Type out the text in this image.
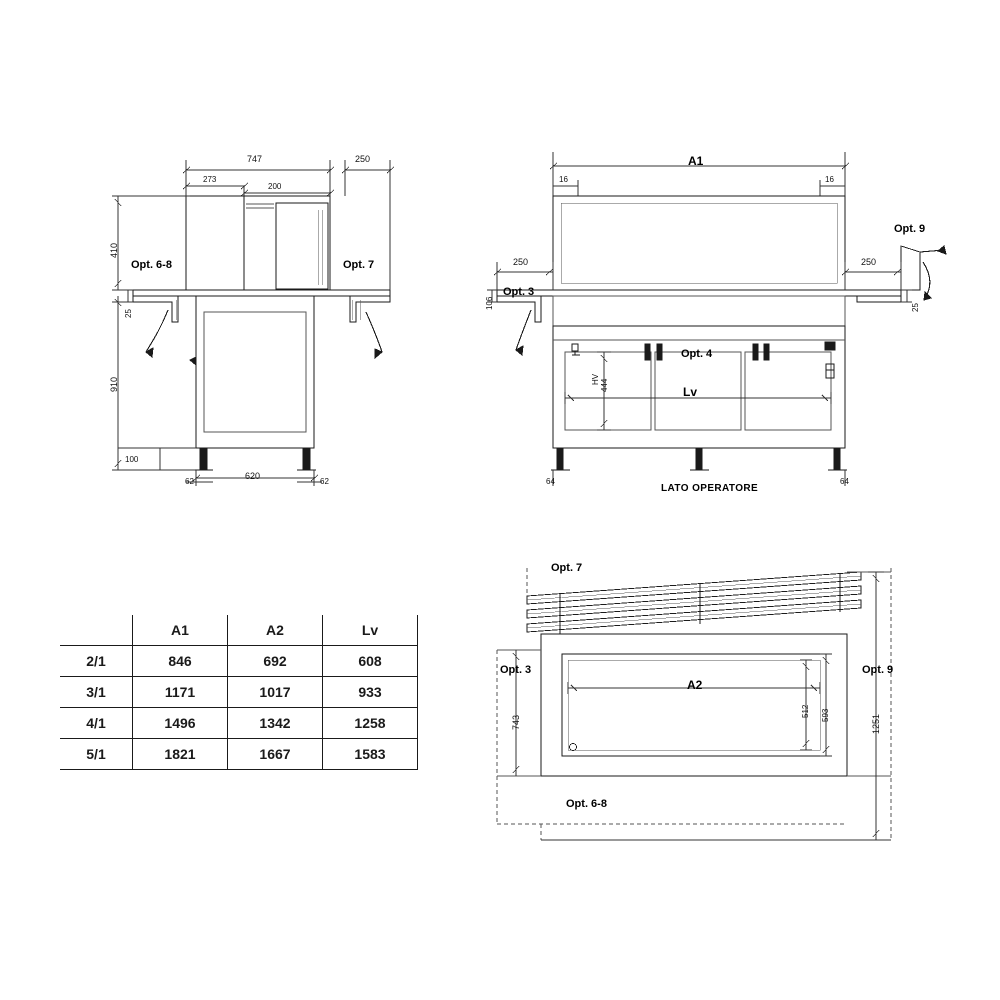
747
273
200
250
410
25
910
100
620
62	62
Opt. 6-8	Opt. 7
A1
16	16
250	250
106	25
HV 444	Lv
64	64
Opt. 3
Opt. 4
Opt. 9
LATO OPERATORE
Opt. 7
Opt. 3	Opt. 9
Opt. 6-8
A2
743
512 593	1251
	A1	A2	Lv
2/1	846	692	608
3/1	1171	1017	933
4/1	1496	1342	1258
5/1	1821	1667	1583
